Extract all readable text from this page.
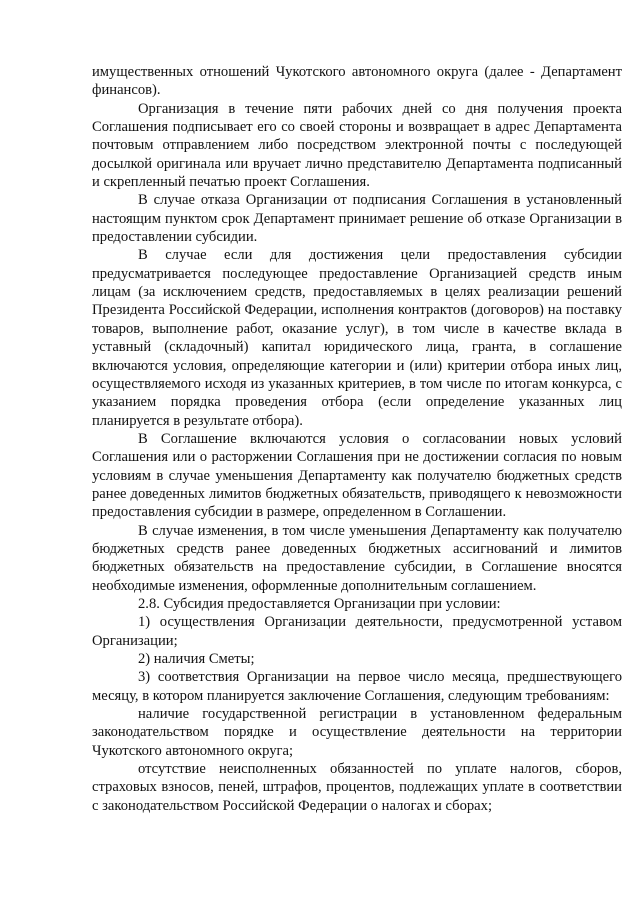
имущественных отношений Чукотского автономного округа (далее - Департамент финансов).

Организация в течение пяти рабочих дней со дня получения проекта Соглашения подписывает его со своей стороны и возвращает в адрес Департамента почтовым отправлением либо посредством электронной почты с последующей досылкой оригинала или вручает лично представителю Департамента подписанный и скрепленный печатью проект Соглашения.

В случае отказа Организации от подписания Соглашения в установленный настоящим пунктом срок Департамент принимает решение об отказе Организации в предоставлении субсидии.

В случае если для достижения цели предоставления субсидии предусматривается последующее предоставление Организацией средств иным лицам (за исключением средств, предоставляемых в целях реализации решений Президента Российской Федерации, исполнения контрактов (договоров) на поставку товаров, выполнение работ, оказание услуг), в том числе в качестве вклада в уставный (складочный) капитал юридического лица, гранта, в соглашение включаются условия, определяющие категории и (или) критерии отбора иных лиц, осуществляемого исходя из указанных критериев, в том числе по итогам конкурса, с указанием порядка проведения отбора (если определение указанных лиц планируется в результате отбора).

В Соглашение включаются условия о согласовании новых условий Соглашения или о расторжении Соглашения при не достижении согласия по новым условиям в случае уменьшения Департаменту как получателю бюджетных средств ранее доведенных лимитов бюджетных обязательств, приводящего к невозможности предоставления субсидии в размере, определенном в Соглашении.

В случае изменения, в том числе уменьшения Департаменту как получателю бюджетных средств ранее доведенных бюджетных ассигнований и лимитов бюджетных обязательств на предоставление субсидии, в Соглашение вносятся необходимые изменения, оформленные дополнительным соглашением.

2.8. Субсидия предоставляется Организации при условии:

1) осуществления Организации деятельности, предусмотренной уставом Организации;

2) наличия Сметы;

3) соответствия Организации на первое число месяца, предшествующего месяцу, в котором планируется заключение Соглашения, следующим требованиям:

наличие государственной регистрации в установленном федеральным законодательством порядке и осуществление деятельности на территории Чукотского автономного округа;

отсутствие неисполненных обязанностей по уплате налогов, сборов, страховых взносов, пеней, штрафов, процентов, подлежащих уплате в соответствии с законодательством Российской Федерации о налогах и сборах;
